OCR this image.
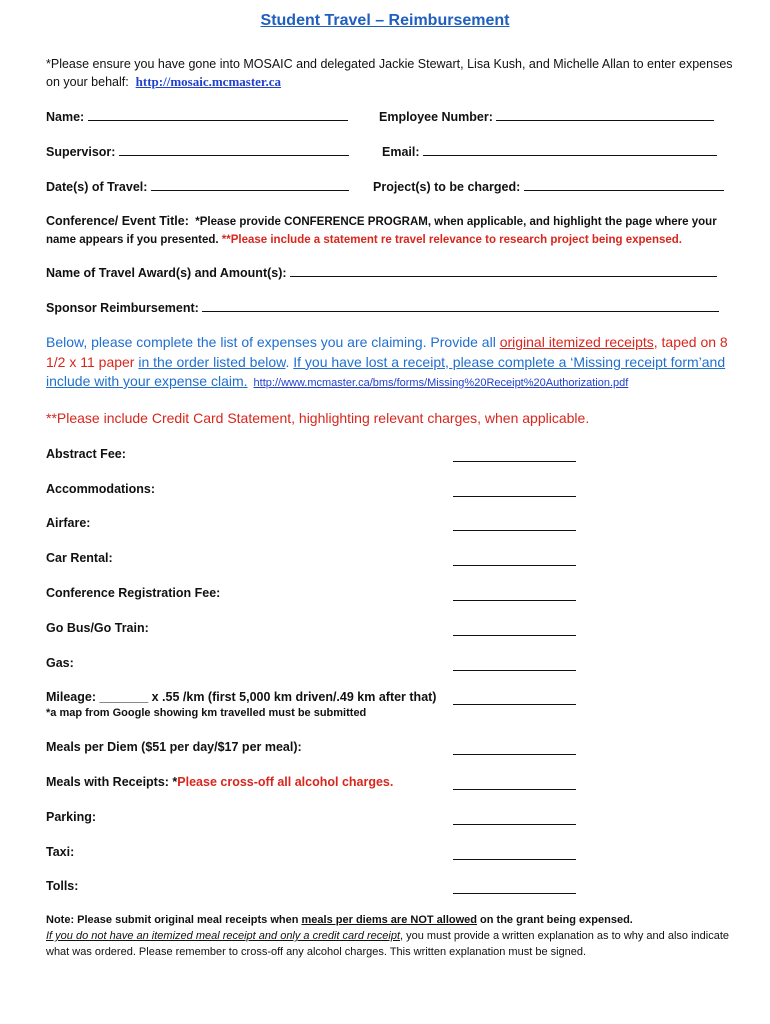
Student Travel – Reimbursement
*Please ensure you have gone into MOSAIC and delegated Jackie Stewart, Lisa Kush, and Michelle Allan to enter expenses on your behalf: http://mosaic.mcmaster.ca
Name:	Employee Number:
Supervisor:	Email:
Date(s) of Travel:	Project(s) to be charged:
Conference/ Event Title: *Please provide CONFERENCE PROGRAM, when applicable, and highlight the page where your name appears if you presented. **Please include a statement re travel relevance to research project being expensed.
Name of Travel Award(s) and Amount(s):
Sponsor Reimbursement:
Below, please complete the list of expenses you are claiming. Provide all original itemized receipts, taped on 8 1/2 x 11 paper in the order listed below. If you have lost a receipt, please complete a ‘Missing receipt form’and include with your expense claim. http://www.mcmaster.ca/bms/forms/Missing%20Receipt%20Authorization.pdf
**Please include Credit Card Statement, highlighting relevant charges, when applicable.
Abstract Fee:
Accommodations:
Airfare:
Car Rental:
Conference Registration Fee:
Go Bus/Go Train:
Gas:
Mileage: _______ x .55 /km (first 5,000 km driven/.49 km after that)
*a map from Google showing km travelled must be submitted
Meals per Diem ($51 per day/$17 per meal):
Meals with Receipts: *Please cross-off all alcohol charges.
Parking:
Taxi:
Tolls:
Note: Please submit original meal receipts when meals per diems are NOT allowed on the grant being expensed.
If you do not have an itemized meal receipt and only a credit card receipt, you must provide a written explanation as to why and also indicate what was ordered. Please remember to cross-off any alcohol charges. This written explanation must be signed.
